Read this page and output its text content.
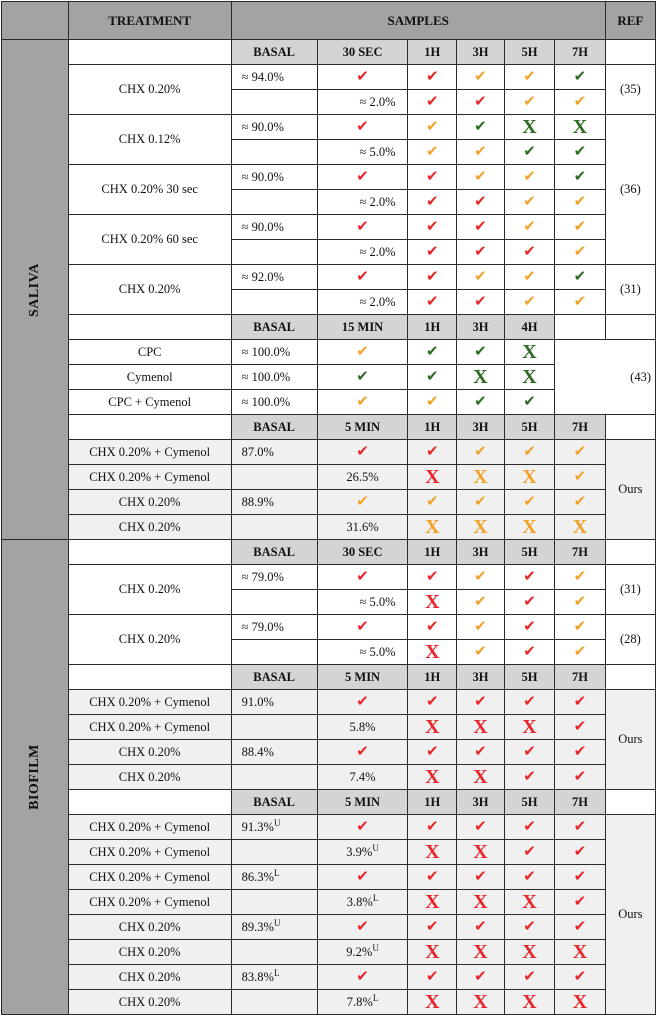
	TREATMENT	SAMPLES						REF
SALIVA		BASAL	30 SEC	1H	3H	5H	7H	
	CHX 0.20%	≈ 94.0%	✔	✔	✔	✔	✔	(35)
			≈ 2.0%	✔	✔	✔	✔	
	CHX 0.12%	≈ 90.0%	✔	✔	✔	X	X	(36)
			≈ 5.0%	✔	✔	✔	✔	
	CHX 0.20% 30 sec	≈ 90.0%	✔	✔	✔	✔	✔	
			≈ 2.0%	✔	✔	✔	✔	
	CHX 0.20% 60 sec	≈ 90.0%	✔	✔	✔	✔	✔	
			≈ 2.0%	✔	✔	✔	✔	
	CHX 0.20%	≈ 92.0%	✔	✔	✔	✔	✔	(31)
			≈ 2.0%	✔	✔	✔	✔	
		BASAL	15 MIN	1H	3H	4H		
	CPC	≈ 100.0%	✔	✔	✔	X	(43)	
	Cymenol	≈ 100.0%	✔	✔	X	X		
	CPC + Cymenol	≈ 100.0%	✔	✔	✔	✔		
		BASAL	5 MIN	1H	3H	5H	7H	
	CHX 0.20% + Cymenol	87.0%	✔	✔	✔	✔	✔	Ours
	CHX 0.20% + Cymenol		26.5%	X	X	X	✔	
	CHX 0.20%	88.9%	✔	✔	✔	✔	✔	
	CHX 0.20%		31.6%	X	X	X	X	
BIOFILM		BASAL	30 SEC	1H	3H	5H	7H	
	CHX 0.20%	≈ 79.0%	✔	✔	✔	✔	✔	(31)
			≈ 5.0%	X	✔	✔	✔	
	CHX 0.20%	≈ 79.0%	✔	✔	✔	✔	✔	(28)
			≈ 5.0%	X	✔	✔	✔	
		BASAL	5 MIN	1H	3H	5H	7H	
	CHX 0.20% + Cymenol	91.0%	✔	✔	✔	✔	✔	Ours
	CHX 0.20% + Cymenol		5.8%	X	X	X	✔	
	CHX 0.20%	88.4%	✔	✔	✔	✔	✔	
	CHX 0.20%		7.4%	X	X	✔	✔	
		BASAL	5 MIN	1H	3H	5H	7H	
	CHX 0.20% + Cymenol	91.3%$^U$	✔	✔	✔	✔	✔	Ours
	CHX 0.20% + Cymenol		3.9%$^U$	X	X	✔	✔	
	CHX 0.20% + Cymenol	86.3%$^L$	✔	✔	✔	✔	✔	
	CHX 0.20% + Cymenol		3.8%$^L$	X	X	X	✔	
	CHX 0.20%	89.3%$^U$	✔	✔	✔	✔	✔	
	CHX 0.20%		9.2%$^U$	X	X	X	X	
	CHX 0.20%	83.8%$^L$	✔	✔	✔	✔	✔	
	CHX 0.20%		7.8%$^L$	X	X	X	X	
